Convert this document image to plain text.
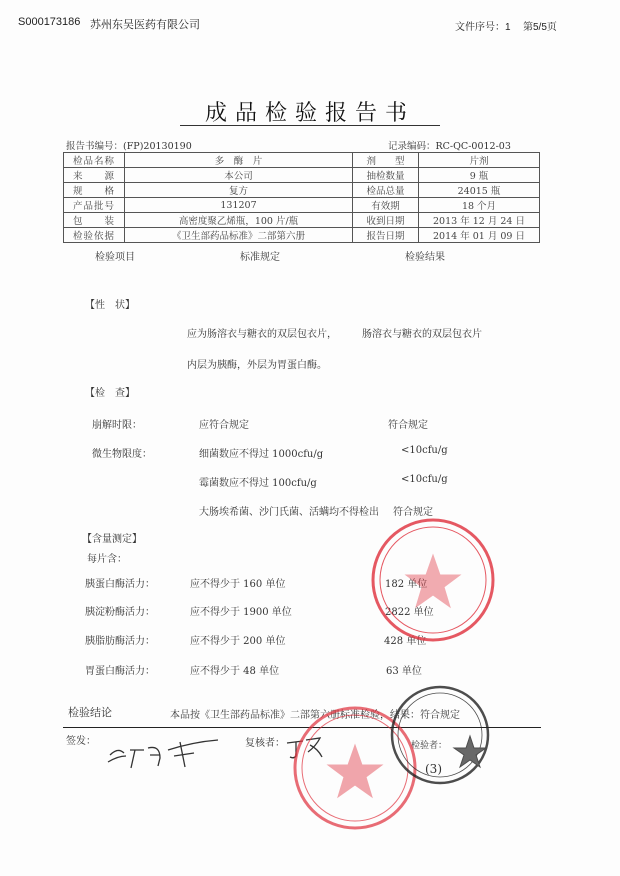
S000173186 苏州东吴医药有限公司	文件序号：1 第5/5页
成品检验报告书
报告书编号：(FP)20130190	记录编码：RC-QC-0012-03
检品名称	多　酶　片	剂　　型	片剂
来　　源	本公司	抽检数量	9 瓶
规　　格	复方	检品总量	24015 瓶
产品批号	131207	有效期	18 个月
包　　装	高密度聚乙烯瓶，100 片/瓶	收到日期	2013 年 12 月 24 日
检验依据	《卫生部药品标准》二部第六册	报告日期	2014 年 01 月 09 日
检验项目	标准规定	检验结果
【性　状】
应为肠溶衣与糖衣的双层包衣片，	肠溶衣与糖衣的双层包衣片
内层为胰酶，外层为胃蛋白酶。
【检　查】
崩解时限：	应符合规定	符合规定
微生物限度：	细菌数应不得过 1000cfu/g	<10cfu/g
霉菌数应不得过 100cfu/g	<10cfu/g
大肠埃希菌、沙门氏菌、活螨均不得检出 符合规定
【含量测定】
每片含：
胰蛋白酶活力：	应不得少于 160 单位	182 单位
胰淀粉酶活力：	应不得少于 1900 单位	2822 单位
胰脂肪酶活力：	应不得少于 200 单位	428 单位
胃蛋白酶活力：	应不得少于 48 单位	63 单位
检验结论	本品按《卫生部药品标准》二部第六册标准检验，结果：符合规定
签发：	复核者：	检验者：
(3)
